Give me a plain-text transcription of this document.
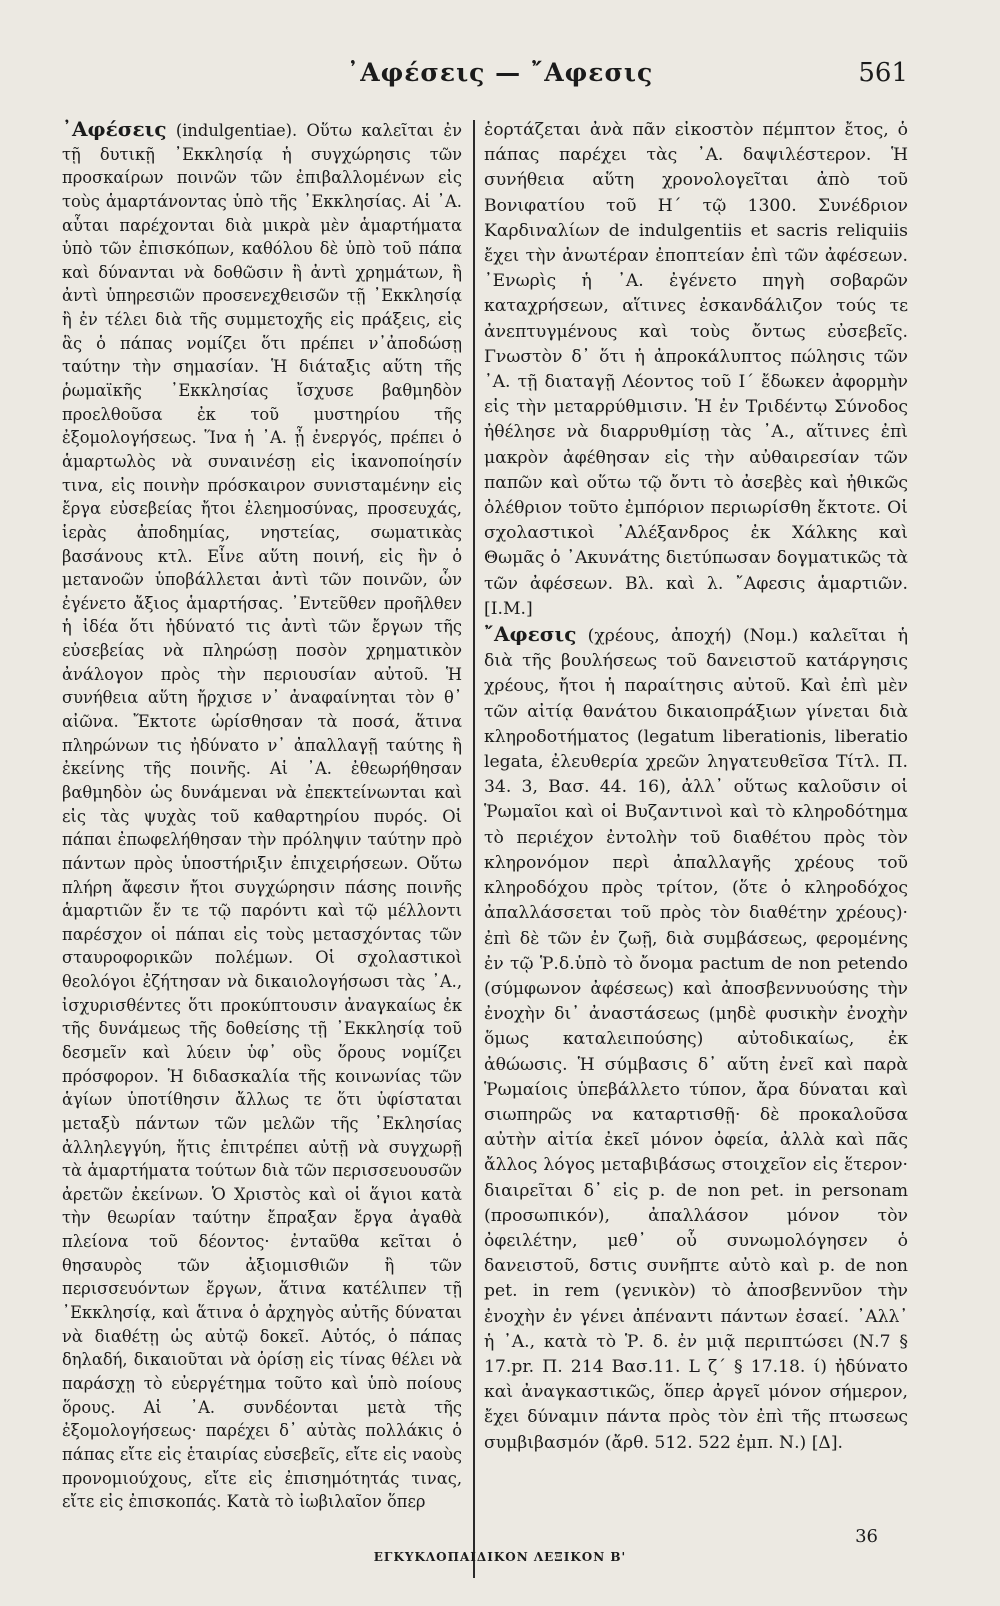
᾿Αφέσεις — ῎Αφεσις	561

᾿Αφέσεις (indulgentiae). Οὕτω καλεῖται ἐν τῇ δυτικῇ ᾿Εκκλησίᾳ ἡ συγχώρησις τῶν προσκαίρων ποινῶν τῶν ἐπιβαλλομένων εἰς τοὺς ἁμαρτάνοντας ὑπὸ τῆς ᾿Εκκλησίας. Αἱ ᾿Α. αὗται παρέχονται διὰ μικρὰ μὲν ἁμαρτήματα ὑπὸ τῶν ἐπισκόπων, καθόλου δὲ ὑπὸ τοῦ πάπα καὶ δύνανται νὰ δοθῶσιν ἢ ἀντὶ χρημάτων, ἢ ἀντὶ ὑπηρεσιῶν προσενεχθεισῶν τῇ ᾿Εκκλησίᾳ ἢ ἐν τέλει διὰ τῆς συμμετοχῆς εἰς πράξεις, εἰς ἃς ὁ πάπας νομίζει ὅτι πρέπει ν᾿ἀποδώσῃ ταύτην τὴν σημασίαν. Ἡ διάταξις αὕτη τῆς ῥωμαϊκῆς ᾿Εκκλησίας ἴσχυσε βαθμηδὸν προελθοῦσα ἐκ τοῦ μυστηρίου τῆς ἐξομολογήσεως. Ἵνα ἡ ᾿Α. ᾖ ἐνεργός, πρέπει ὁ ἁμαρτωλὸς νὰ συναινέσῃ εἰς ἱκανοποίησίν τινα, εἰς ποινὴν πρόσκαιρον συνισταμένην εἰς ἔργα εὐσεβείας ἤτοι ἐλεημοσύνας, προσευχάς, ἱερὰς ἀποδημίας, νηστείας, σωματικὰς βασάνους κτλ. Εἶνε αὕτη ποινή, εἰς ἣν ὁ μετανοῶν ὑποβάλλεται ἀντὶ τῶν ποινῶν, ὧν ἐγένετο ἄξιος ἁμαρτήσας. ᾿Εντεῦθεν προῆλθεν ἡ ἰδέα ὅτι ἠδύνατό τις ἀντὶ τῶν ἔργων τῆς εὐσεβείας νὰ πληρώσῃ ποσὸν χρηματικὸν ἀνάλογον πρὸς τὴν περιουσίαν αὐτοῦ. Ἡ συνήθεια αὕτη ἤρχισε ν᾿ ἀναφαίνηται τὸν θ᾿ αἰῶνα. Ἔκτοτε ὡρίσθησαν τὰ ποσά, ἅτινα πληρώνων τις ἠδύνατο ν᾿ ἀπαλλαγῇ ταύτης ἢ ἐκείνης τῆς ποινῆς. Αἱ ᾿Α. ἐθεωρήθησαν βαθμηδὸν ὡς δυνάμεναι νὰ ἐπεκτείνωνται καὶ εἰς τὰς ψυχὰς τοῦ καθαρτηρίου πυρός. Οἱ πάπαι ἐπωφελήθησαν τὴν πρόληψιν ταύτην πρὸ πάντων πρὸς ὑποστήριξιν ἐπιχειρήσεων. Οὕτω πλήρη ἄφεσιν ἤτοι συγχώρησιν πάσης ποινῆς ἁμαρτιῶν ἔν τε τῷ παρόντι καὶ τῷ μέλλοντι παρέσχον οἱ πάπαι εἰς τοὺς μετασχόντας τῶν σταυροφορικῶν πολέμων. Οἱ σχολαστικοὶ θεολόγοι ἐζήτησαν νὰ δικαιολογήσωσι τὰς ᾿Α., ἰσχυρισθέντες ὅτι προκύπτουσιν ἀναγκαίως ἐκ τῆς δυνάμεως τῆς δοθείσης τῇ ᾿Εκκλησίᾳ τοῦ δεσμεῖν καὶ λύειν ὑφ᾿ οὓς ὅρους νομίζει πρόσφορον. Ἡ διδασκαλία τῆς κοινωνίας τῶν ἁγίων ὑποτίθησιν ἄλλως τε ὅτι ὑφίσταται μεταξὺ πάντων τῶν μελῶν τῆς ᾿Εκλησίας ἀλληλεγγύη, ἥτις ἐπιτρέπει αὐτῇ νὰ συγχωρῇ τὰ ἁμαρτήματα τούτων διὰ τῶν περισσευουσῶν ἀρετῶν ἐκείνων. Ὁ Χριστὸς καὶ οἱ ἅγιοι κατὰ τὴν θεωρίαν ταύτην ἔπραξαν ἔργα ἀγαθὰ πλείονα τοῦ δέοντος· ἐνταῦθα κεῖται ὁ θησαυρὸς τῶν ἀξιομισθιῶν ἢ τῶν περισσευόντων ἔργων, ἅτινα κατέλιπεν τῇ ᾿Εκκλησίᾳ, καὶ ἅτινα ὁ ἀρχηγὸς αὐτῆς δύναται νὰ διαθέτῃ ὡς αὐτῷ δοκεῖ. Αὐτός, ὁ πάπας δηλαδή, δικαιοῦται νὰ ὁρίσῃ εἰς τίνας θέλει νὰ παράσχῃ τὸ εὐεργέτημα τοῦτο καὶ ὑπὸ ποίους ὅρους. Αἱ ᾿Α. συνδέονται μετὰ τῆς ἐξομολογήσεως· παρέχει δ᾿ αὐτὰς πολλάκις ὁ πάπας εἴτε εἰς ἑταιρίας εὐσεβεῖς, εἴτε εἰς ναοὺς προνομιούχους, εἴτε εἰς ἐπισημότητάς τινας, εἴτε εἰς ἐπισκοπάς. Κατὰ τὸ ἰωβιλαῖον ὅπερ

ἑορτάζεται ἀνὰ πᾶν εἰκοστὸν πέμπτον ἔτος, ὁ πάπας παρέχει τὰς ᾿Α. δαψιλέστερον. Ἡ συνήθεια αὕτη χρονολογεῖται ἀπὸ τοῦ Βονιφατίου τοῦ Η΄ τῷ 1300. Συνέδριον Καρδιναλίων de indulgentiis et sacris reliquiis ἔχει τὴν ἀνωτέραν ἐποπτείαν ἐπὶ τῶν ἀφέσεων. ᾿Ενωρὶς ἡ ᾿Α. ἐγένετο πηγὴ σοβαρῶν καταχρήσεων, αἵτινες ἐσκανδάλιζον τούς τε ἀνεπτυγμένους καὶ τοὺς ὄντως εὐσεβεῖς. Γνωστὸν δ᾿ ὅτι ἡ ἀπροκάλυπτος πώλησις τῶν ᾿Α. τῇ διαταγῇ Λέοντος τοῦ Ι΄ ἔδωκεν ἀφορμὴν εἰς τὴν μεταρρύθμισιν. Ἡ ἐν Τριδέντῳ Σύνοδος ἠθέλησε νὰ διαρρυθμίσῃ τὰς ᾿Α., αἵτινες ἐπὶ μακρὸν ἀφέθησαν εἰς τὴν αὐθαιρεσίαν τῶν παπῶν καὶ οὕτω τῷ ὄντι τὸ ἀσεβὲς καὶ ἠθικῶς ὀλέθριον τοῦτο ἐμπόριον περιωρίσθη ἔκτοτε. Οἱ σχολαστικοὶ ᾿Αλέξανδρος ἐκ Χάλκης καὶ Θωμᾶς ὁ ᾿Ακυνάτης διετύπωσαν δογματικῶς τὰ τῶν ἀφέσεων. Βλ. καὶ λ. ῎Αφεσις ἁμαρτιῶν. [Ι.Μ.]

῎Αφεσις (χρέους, ἀποχή) (Νομ.) καλεῖται ἡ διὰ τῆς βουλήσεως τοῦ δανειστοῦ κατάργησις χρέους, ἤτοι ἡ παραίτησις αὐτοῦ. Καὶ ἐπὶ μὲν τῶν αἰτίᾳ θανάτου δικαιοπράξιων γίνεται διὰ κληροδοτήματος (legatum liberationis, liberatio legata, ἐλευθερία χρεῶν ληγατευθεῖσα Τίτλ. Π. 34. 3, Βασ. 44. 16), ἀλλ᾿ οὕτως καλοῦσιν οἱ Ῥωμαῖοι καὶ οἱ Βυζαντινοὶ καὶ τὸ κληροδότημα τὸ περιέχον ἐντολὴν τοῦ διαθέτου πρὸς τὸν κληρονόμον περὶ ἀπαλλαγῆς χρέους τοῦ κληροδόχου πρὸς τρίτον, (ὅτε ὁ κληροδόχος ἀπαλλάσσεται τοῦ πρὸς τὸν διαθέτην χρέους)· ἐπὶ δὲ τῶν ἐν ζωῇ, διὰ συμβάσεως, φερομένης ἐν τῷ Ῥ.δ.ὑπὸ τὸ ὄνομα pactum de non petendo (σύμφωνον ἀφέσεως) καὶ ἀποσβεννυούσης τὴν ἐνοχὴν δι᾿ ἀναστάσεως (μηδὲ φυσικὴν ἐνοχὴν ὅμως καταλειπούσης) αὐτοδικαίως, ἐκ ἀθώωσις. Ἡ σύμβασις δ᾿ αὕτη ἐνεῖ καὶ παρὰ Ῥωμαίοις ὑπεβάλλετο τύπον, ἄρα δύναται καὶ σιωπηρῶς να καταρτισθῇ· δὲ προκαλοῦσα αὐτὴν αἰτία ἐκεῖ μόνον ὀφεία, ἀλλὰ καὶ πᾶς ἄλλος λόγος μεταβιβάσως στοιχεῖον εἰς ἕτερον· διαιρεῖται δ᾿ εἰς p. de non pet. in personam (προσωπικόν), ἀπαλλάσον μόνον τὸν ὀφειλέτην, μεθ᾿ οὗ συνωμολόγησεν ὁ δανειστοῦ, δστις συνῆπτε αὐτὸ καὶ p. de non pet. in rem (γενικὸν) τὸ ἀποσβεννῦον τὴν ἐνοχὴν ἐν γένει ἀπέναντι πάντων ἐσαεί. ᾿Αλλ᾿ ἡ ᾿Α., κατὰ τὸ Ῥ. δ. ἐν μιᾷ περιπτώσει (Ν.7 § 17.pr. Π. 214 Βασ.11. L ζ΄ § 17.18. ί) ἠδύνατο καὶ ἀναγκαστικῶς, ὅπερ ἀργεῖ μόνον σήμερον, ἔχει δύναμιν πάντα πρὸς τὸν ἐπὶ τῆς πτωσεως συμβιβασμόν (ἄρθ. 512. 522 ἐμπ. Ν.) [Δ].

36
ΕΓΚΥΚΛΟΠΑΙΔΙΚΟΝ ΛΕΞΙΚΟΝ Β'
